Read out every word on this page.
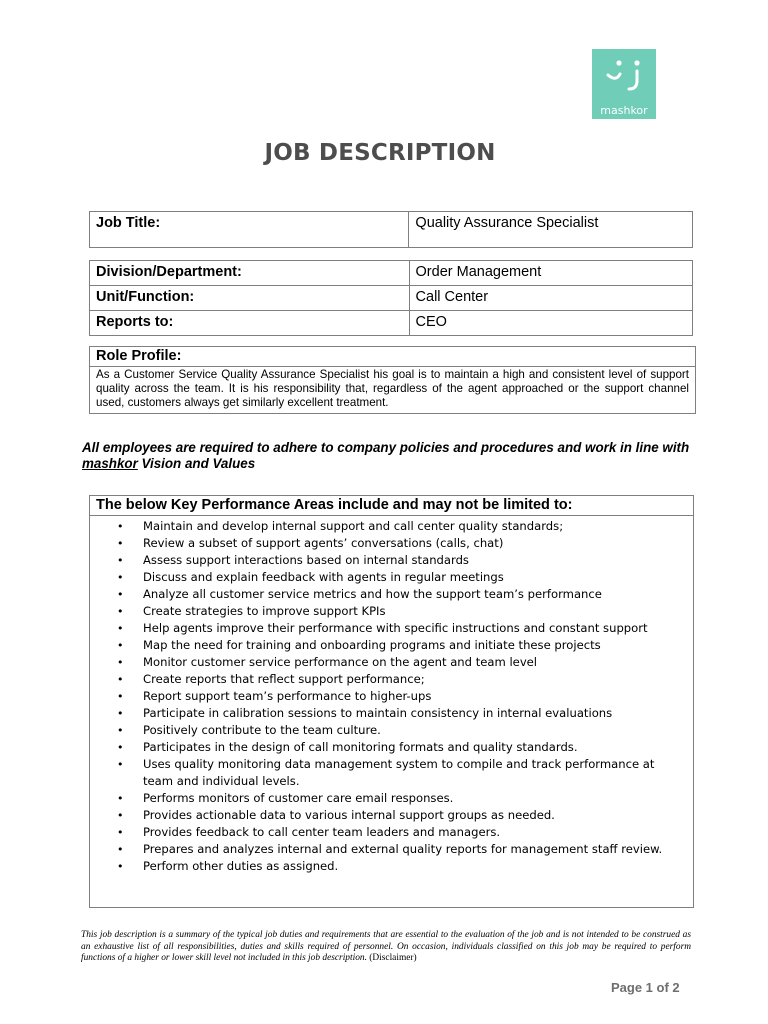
mashkor
JOB DESCRIPTION
Job Title:	Quality Assurance Specialist
Division/Department:	Order Management
Unit/Function:	Call Center
Reports to:	CEO
Role Profile:
As a Customer Service Quality Assurance Specialist his goal is to maintain a high and consistent level of support quality across the team. It is his responsibility that, regardless of the agent approached or the support channel used, customers always get similarly excellent treatment.
All employees are required to adhere to company policies and procedures and work in line with mashkor Vision and Values
The below Key Performance Areas include and may not be limited to:
• Maintain and develop internal support and call center quality standards;
• Review a subset of support agents’ conversations (calls, chat)
• Assess support interactions based on internal standards
• Discuss and explain feedback with agents in regular meetings
• Analyze all customer service metrics and how the support team’s performance
• Create strategies to improve support KPIs
• Help agents improve their performance with specific instructions and constant support
• Map the need for training and onboarding programs and initiate these projects
• Monitor customer service performance on the agent and team level
• Create reports that reflect support performance;
• Report support team’s performance to higher-ups
• Participate in calibration sessions to maintain consistency in internal evaluations
• Positively contribute to the team culture.
• Participates in the design of call monitoring formats and quality standards.
• Uses quality monitoring data management system to compile and track performance at team and individual levels.
• Performs monitors of customer care email responses.
• Provides actionable data to various internal support groups as needed.
• Provides feedback to call center team leaders and managers.
• Prepares and analyzes internal and external quality reports for management staff review.
• Perform other duties as assigned.
This job description is a summary of the typical job duties and requirements that are essential to the evaluation of the job and is not intended to be construed as an exhaustive list of all responsibilities, duties and skills required of personnel. On occasion, individuals classified on this job may be required to perform functions of a higher or lower skill level not included in this job description. (Disclaimer)
Page 1 of 2
